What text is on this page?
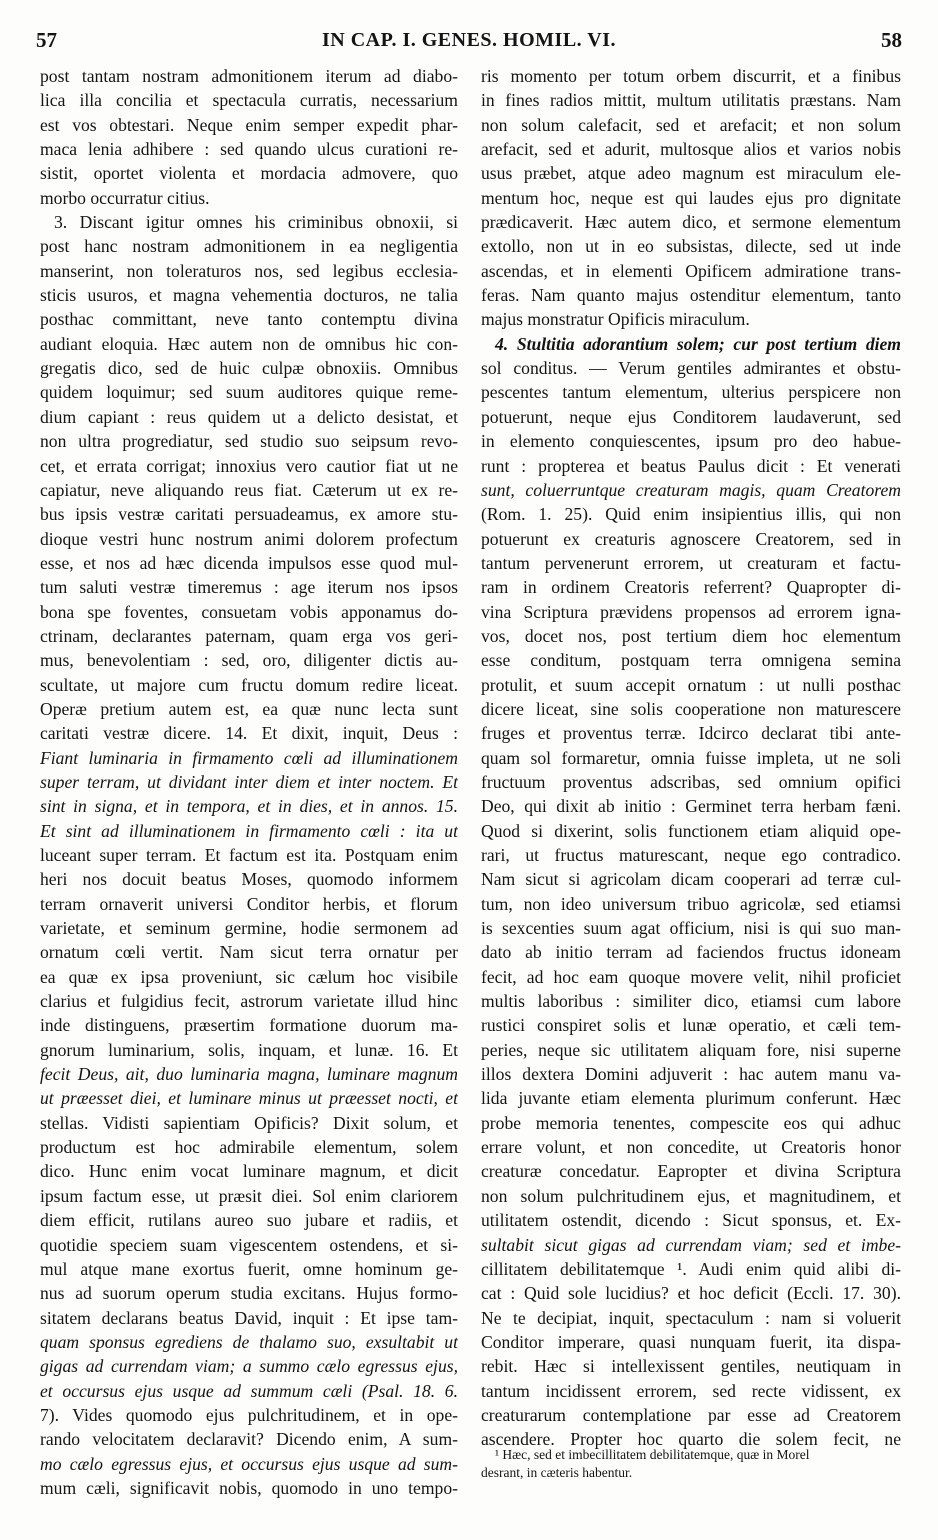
57	IN CAP. I. GENES. HOMIL. VI.	58
post tantam nostram admonitionem iterum ad diabo-
lica illa concilia et spectacula curratis, necessarium
est vos obtestari. Neque enim semper expedit phar-
maca lenia adhibere : sed quando ulcus curationi re-
sistit, oportet violenta et mordacia admovere, quo
morbo occurratur citius.
3. Discant igitur omnes his criminibus obnoxii, si
post hanc nostram admonitionem in ea negligentia
manserint, non toleraturos nos, sed legibus ecclesia-
sticis usuros, et magna vehementia docturos, ne talia
posthac committant, neve tanto contemptu divina
audiant eloquia. Hæc autem non de omnibus hic con-
gregatis dico, sed de huic culpæ obnoxiis. Omnibus
quidem loquimur; sed suum auditores quique reme-
dium capiant : reus quidem ut a delicto desistat, et
non ultra progrediatur, sed studio suo seipsum revo-
cet, et errata corrigat; innoxius vero cautior fiat ut ne
capiatur, neve aliquando reus fiat. Cæterum ut ex re-
bus ipsis vestræ caritati persuadeamus, ex amore stu-
dioque vestri hunc nostrum animi dolorem profectum
esse, et nos ad hæc dicenda impulsos esse quod mul-
tum saluti vestræ timeremus : age iterum nos ipsos
bona spe foventes, consuetam vobis apponamus do-
ctrinam, declarantes paternam, quam erga vos geri-
mus, benevolentiam : sed, oro, diligenter dictis au-
scultate, ut majore cum fructu domum redire liceat.
Operæ pretium autem est, ea quæ nunc lecta sunt
caritati vestræ dicere. 14. Et dixit, inquit, Deus :
Fiant luminaria in firmamento cœli ad illuminationem
super terram, ut dividant inter diem et inter noctem. Et
sint in signa, et in tempora, et in dies, et in annos. 15.
Et sint ad illuminationem in firmamento cœli : ita ut
luceant super terram. Et factum est ita. Postquam enim
heri nos docuit beatus Moses, quomodo informem
terram ornaverit universi Conditor herbis, et florum
varietate, et seminum germine, hodie sermonem ad
ornatum cœli vertit. Nam sicut terra ornatur per
ea quæ ex ipsa proveniunt, sic cælum hoc visibile
clarius et fulgidius fecit, astrorum varietate illud hinc
inde distinguens, præsertim formatione duorum ma-
gnorum luminarium, solis, inquam, et lunæ. 16. Et
fecit Deus, ait, duo luminaria magna, luminare magnum
ut præesset diei, et luminare minus ut præesset nocti, et
stellas. Vidisti sapientiam Opificis? Dixit solum, et
productum est hoc admirabile elementum, solem
dico. Hunc enim vocat luminare magnum, et dicit
ipsum factum esse, ut præsit diei. Sol enim clariorem
diem efficit, rutilans aureo suo jubare et radiis, et
quotidie speciem suam vigescentem ostendens, et si-
mul atque mane exortus fuerit, omne hominum ge-
nus ad suorum operum studia excitans. Hujus formo-
sitatem declarans beatus David, inquit : Et ipse tam-
quam sponsus egrediens de thalamo suo, exsultabit ut
gigas ad currendam viam; a summo cælo egressus ejus,
et occursus ejus usque ad summum cæli (Psal. 18. 6.
7). Vides quomodo ejus pulchritudinem, et in ope-
rando velocitatem declaravit? Dicendo enim, A sum-
mo cælo egressus ejus, et occursus ejus usque ad sum-
mum cæli, significavit nobis, quomodo in uno tempo-
ris momento per totum orbem discurrit, et a finibus
in fines radios mittit, multum utilitatis præstans. Nam
non solum calefacit, sed et arefacit; et non solum
arefacit, sed et adurit, multosque alios et varios nobis
usus præbet, atque adeo magnum est miraculum ele-
mentum hoc, neque est qui laudes ejus pro dignitate
prædicaverit. Hæc autem dico, et sermone elementum
extollo, non ut in eo subsistas, dilecte, sed ut inde
ascendas, et in elementi Opificem admiratione trans-
feras. Nam quanto majus ostenditur elementum, tanto
majus monstratur Opificis miraculum.
4. Stultitia adorantium solem; cur post tertium diem
sol conditus. — Verum gentiles admirantes et obstu-
pescentes tantum elementum, ulterius perspicere non
potuerunt, neque ejus Conditorem laudaverunt, sed
in elemento conquiescentes, ipsum pro deo habue-
runt : propterea et beatus Paulus dicit : Et venerati
sunt, coluerruntque creaturam magis, quam Creatorem
(Rom. 1. 25). Quid enim insipientius illis, qui non
potuerunt ex creaturis agnoscere Creatorem, sed in
tantum pervenerunt errorem, ut creaturam et factu-
ram in ordinem Creatoris referrent? Quapropter di-
vina Scriptura prævidens propensos ad errorem igna-
vos, docet nos, post tertium diem hoc elementum
esse conditum, postquam terra omnigena semina
protulit, et suum accepit ornatum : ut nulli posthac
dicere liceat, sine solis cooperatione non maturescere
fruges et proventus terræ. Idcirco declarat tibi ante-
quam sol formaretur, omnia fuisse impleta, ut ne soli
fructuum proventus adscribas, sed omnium opifici
Deo, qui dixit ab initio : Germinet terra herbam fæni.
Quod si dixerint, solis functionem etiam aliquid ope-
rari, ut fructus maturescant, neque ego contradico.
Nam sicut si agricolam dicam cooperari ad terræ cul-
tum, non ideo universum tribuo agricolæ, sed etiamsi
is sexcenties suum agat officium, nisi is qui suo man-
dato ab initio terram ad faciendos fructus idoneam
fecit, ad hoc eam quoque movere velit, nihil proficiet
multis laboribus : similiter dico, etiamsi cum labore
rustici conspiret solis et lunæ operatio, et cæli tem-
peries, neque sic utilitatem aliquam fore, nisi superne
illos dextera Domini adjuverit : hac autem manu va-
lida juvante etiam elementa plurimum conferunt. Hæc
probe memoria tenentes, compescite eos qui adhuc
errare volunt, et non concedite, ut Creatoris honor
creaturæ concedatur. Eapropter et divina Scriptura
non solum pulchritudinem ejus, et magnitudinem, et
utilitatem ostendit, dicendo : Sicut sponsus, et. Ex-
sultabit sicut gigas ad currendam viam; sed et imbe-
cillitatem debilitatemque ¹. Audi enim quid alibi di-
cat : Quid sole lucidius? et hoc deficit (Eccli. 17. 30).
Ne te decipiat, inquit, spectaculum : nam si voluerit
Conditor imperare, quasi nunquam fuerit, ita dispa-
rebit. Hæc si intellexissent gentiles, neutiquam in
tantum incidissent errorem, sed recte vidissent, ex
creaturarum contemplatione par esse ad Creatorem
ascendere. Propter hoc quarto die solem fecit, ne
¹ Hæc, sed et imbecillitatem debilitatemque, quæ in Morel
desrant, in cæteris habentur.
